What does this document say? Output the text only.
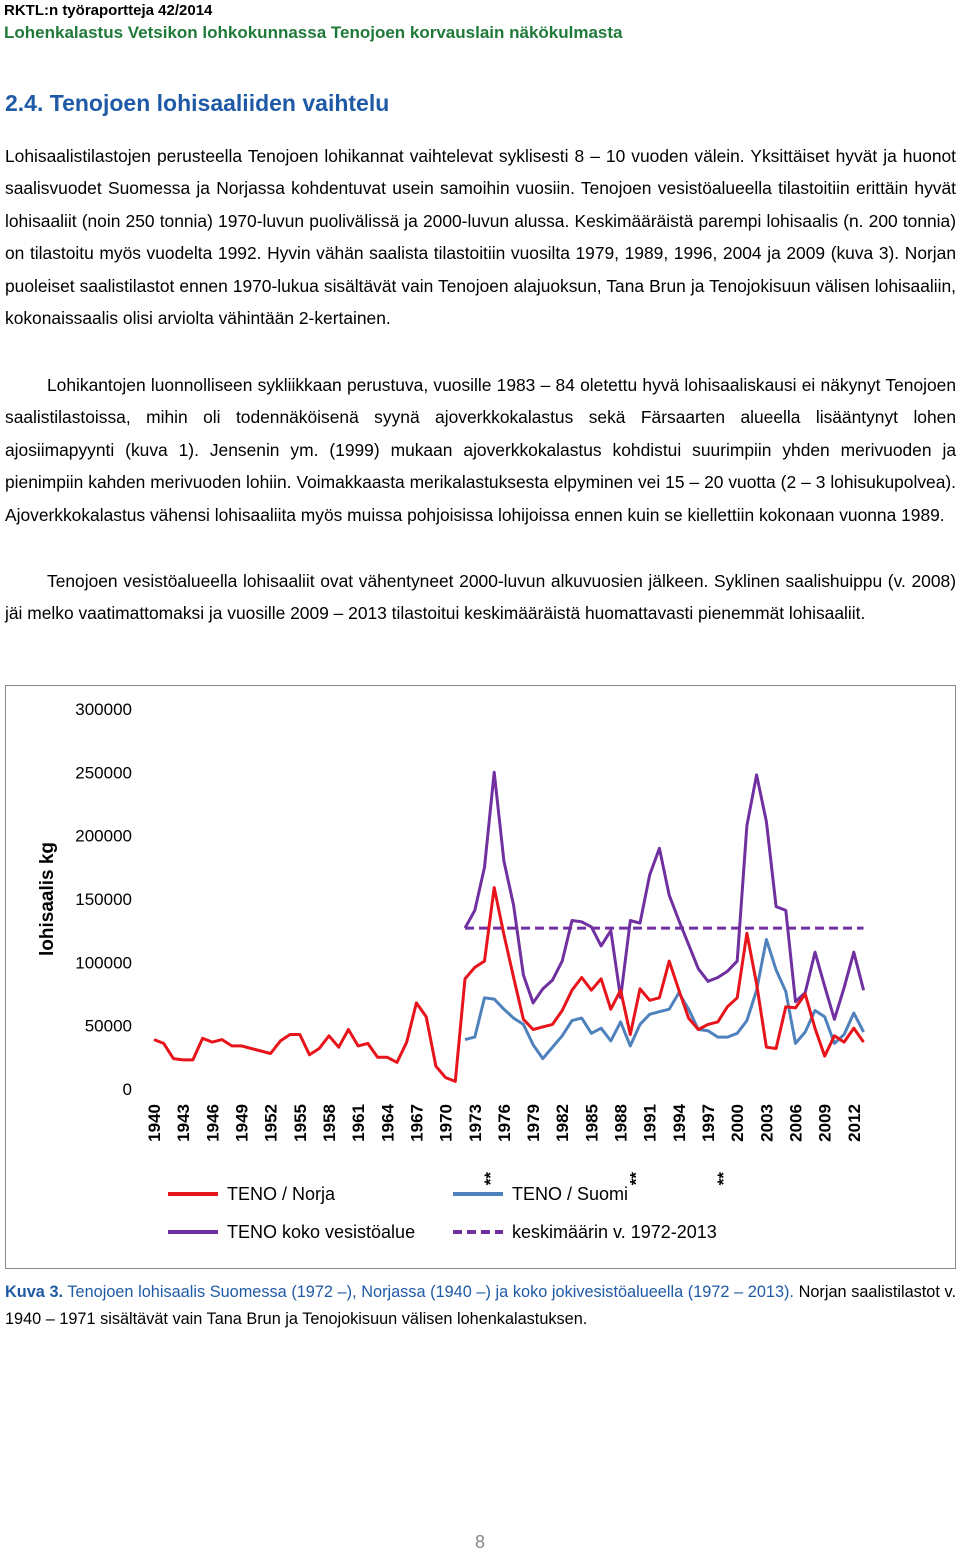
RKTL:n työraportteja 42/2014
Lohenkalastus Vetsikon lohkokunnassa Tenojoen korvauslain näkökulmasta
2.4. Tenojoen lohisaaliiden vaihtelu

Lohisaalistilastojen perusteella Tenojoen lohikannat vaihtelevat syklisesti 8 – 10 vuoden välein. Yksittäiset hyvät ja huonot saalisvuodet Suomessa ja Norjassa kohdentuvat usein samoihin vuosiin. Tenojoen vesistöalueella tilastoitiin erittäin hyvät lohisaaliit (noin 250 tonnia) 1970-luvun puolivälissä ja 2000-luvun alussa. Keskimääräistä parempi lohisaalis (n. 200 tonnia) on tilastoitu myös vuodelta 1992. Hyvin vähän saalista tilastoitiin vuosilta 1979, 1989, 1996, 2004 ja 2009 (kuva 3). Norjan puoleiset saalistilastot ennen 1970-lukua sisältävät vain Tenojoen alajuoksun, Tana Brun ja Tenojokisuun välisen lohisaaliin, kokonaissaalis olisi arviolta vähintään 2-kertainen.

Lohikantojen luonnolliseen sykliikkaan perustuva, vuosille 1983 – 84 oletettu hyvä lohisaaliskausi ei näkynyt Tenojoen saalistilastoissa, mihin oli todennäköisenä syynä ajoverkkokalastus sekä Färsaarten alueella lisääntynyt lohen ajosiimapyynti (kuva 1). Jensenin ym. (1999) mukaan ajoverkkokalastus kohdistui suurimpiin yhden merivuoden ja pienimpiin kahden merivuoden lohiin. Voimakkaasta merikalastuksesta elpyminen vei 15 – 20 vuotta (2 – 3 lohisukupolvea). Ajoverkkokalastus vähensi lohisaaliita myös muissa pohjoisissa lohijoissa ennen kuin se kiellettiin kokonaan vuonna 1989.

Tenojoen vesistöalueella lohisaaliit ovat vähentyneet 2000-luvun alkuvuosien jälkeen. Syklinen saalishuippu (v. 2008) jäi melko vaatimattomaksi ja vuosille 2009 – 2013 tilastoitui keskimääräistä huomattavasti pienemmät lohisaaliit.

0
50000
100000
150000
200000
250000
300000
lohisaalis kg
1940 1943 1946 1949 1952 1955 1958 1961 1964 1967 1970 1973 1976
**
1979 1982 1985 1988 1991
**
1994 1997 2000
**
2003 2006 2009 2012
TENO / Norja	TENO / Suomi
TENO koko vesistöalue	keskimäärin v. 1972-2013

Kuva 3. Tenojoen lohisaalis Suomessa (1972 –), Norjassa (1940 –) ja koko jokivesistöalueella (1972 – 2013). Norjan saalistilastot v. 1940 – 1971 sisältävät vain Tana Brun ja Tenojokisuun välisen lohenkalastuksen.

8
